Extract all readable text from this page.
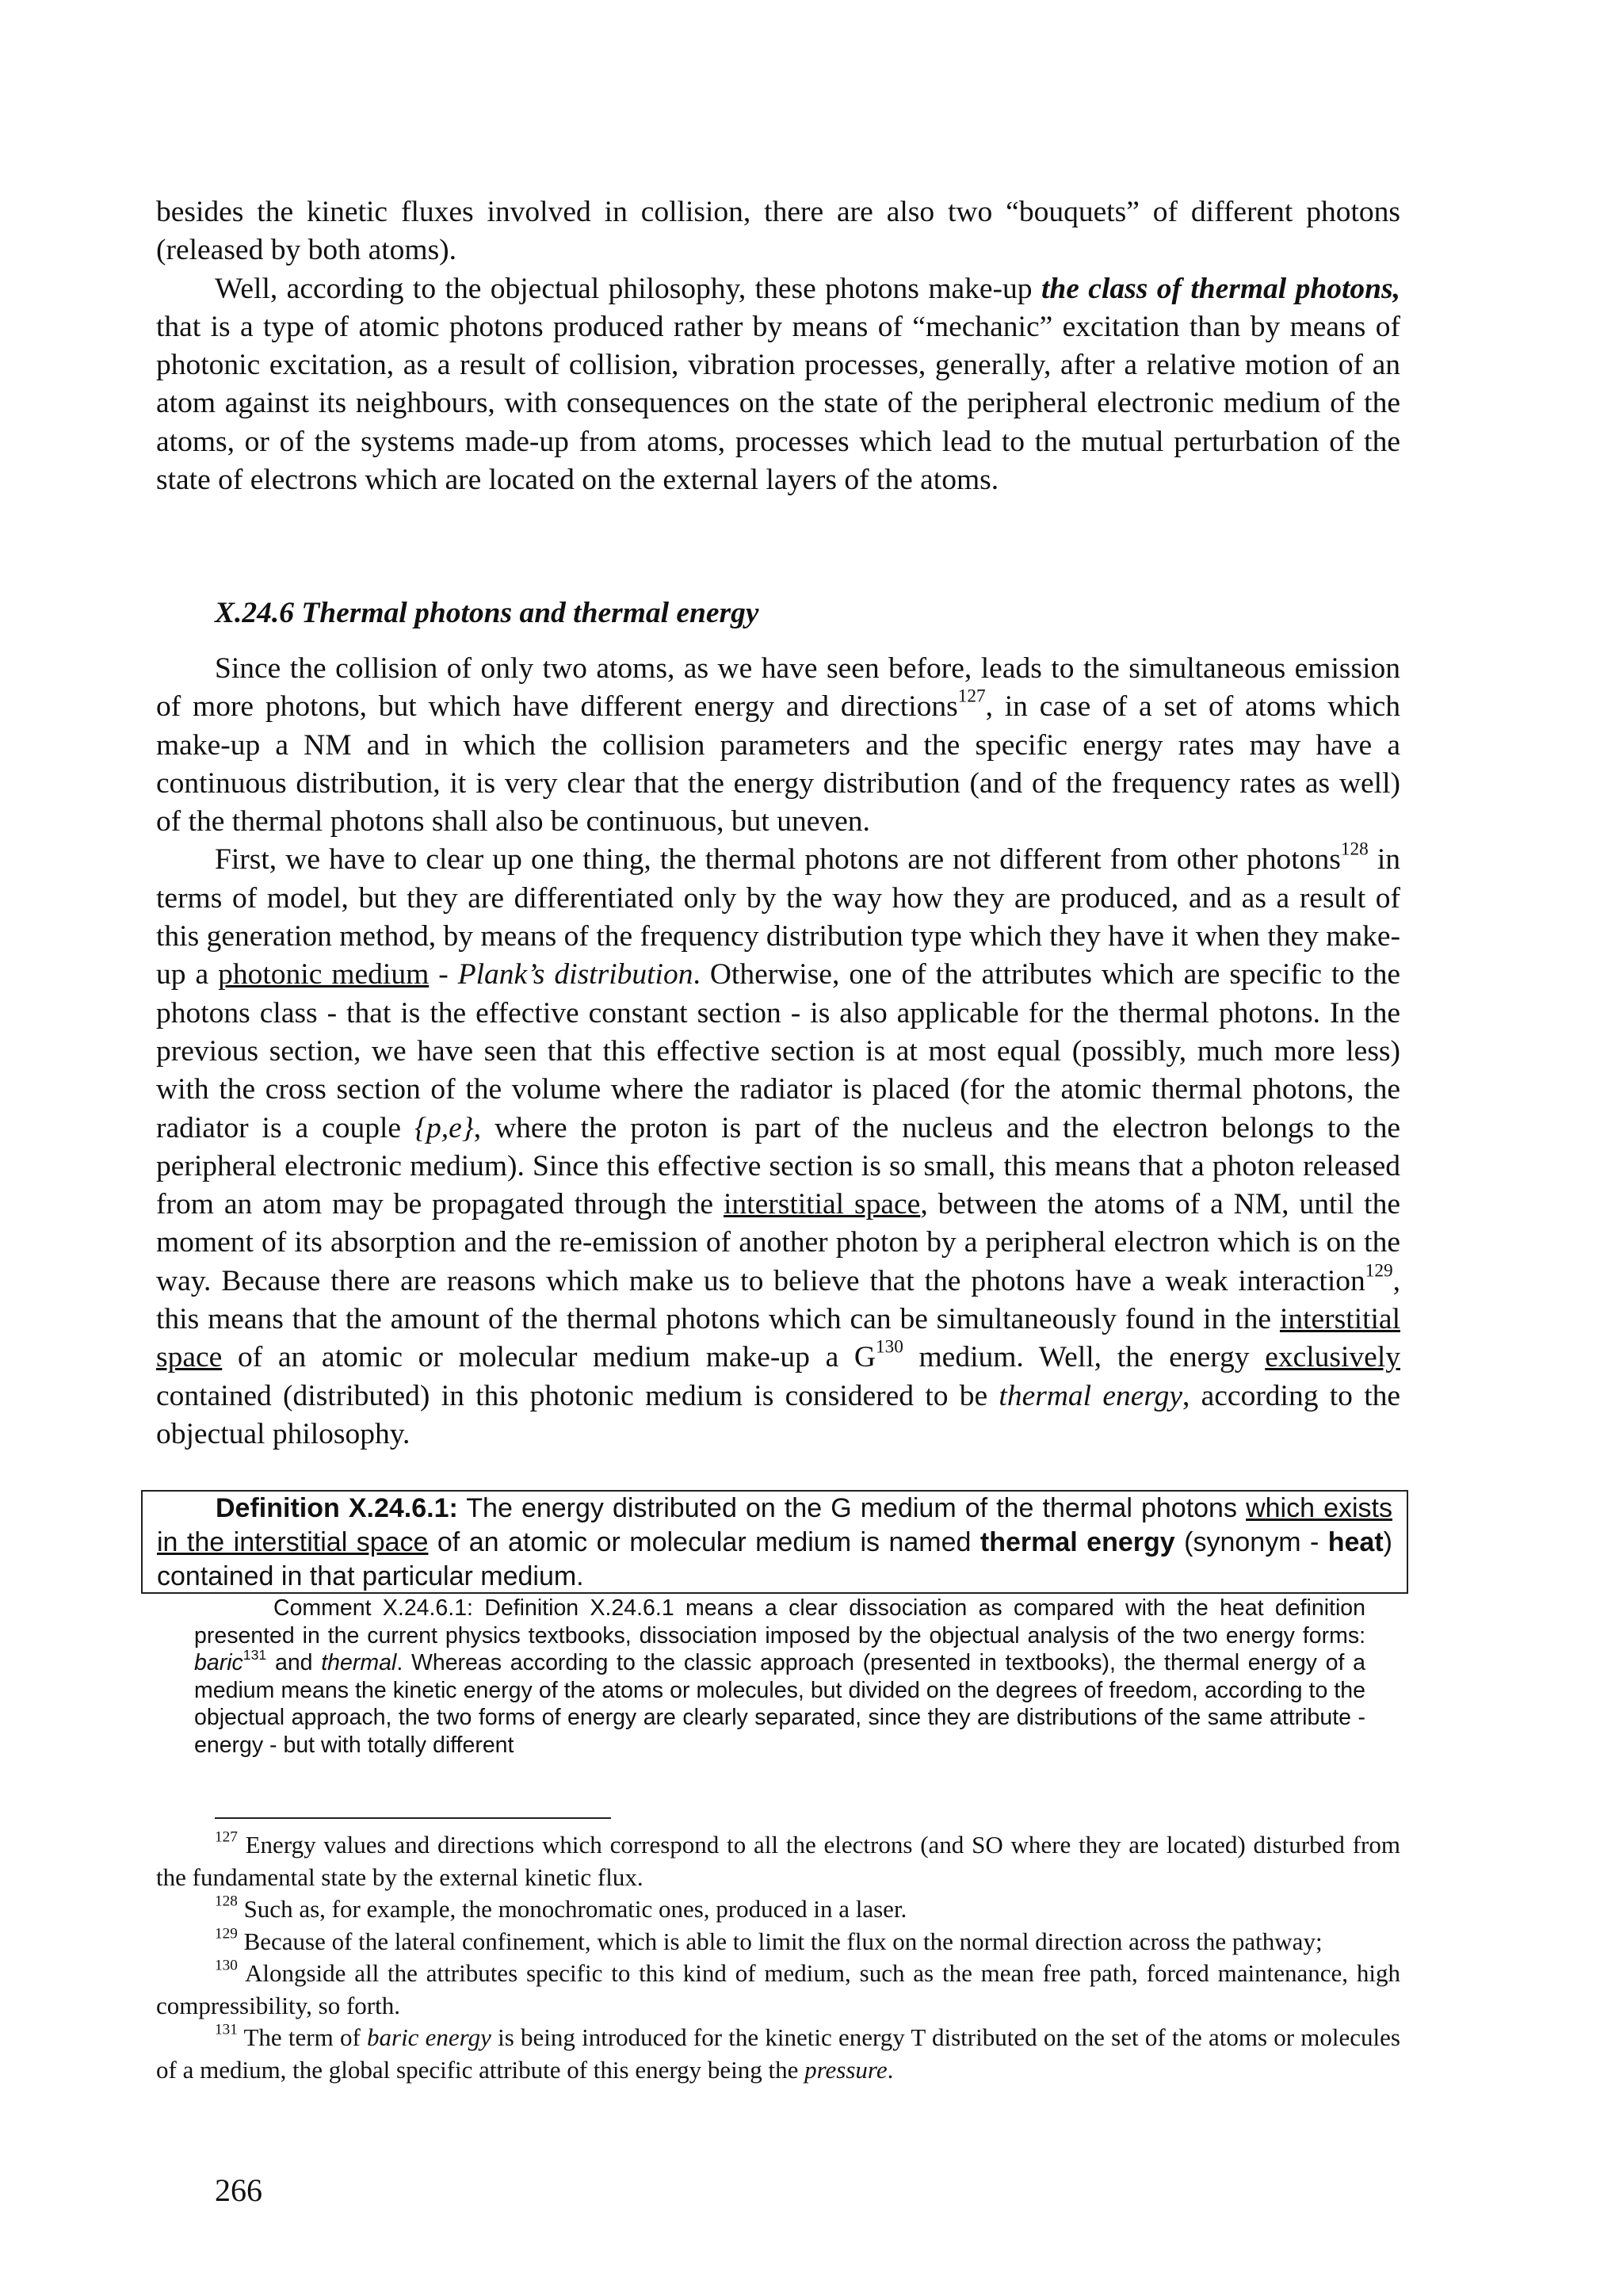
besides the kinetic fluxes involved in collision, there are also two “bouquets” of different photons (released by both atoms).

Well, according to the objectual philosophy, these photons make-up the class of thermal photons, that is a type of atomic photons produced rather by means of “mechanic” excitation than by means of photonic excitation, as a result of collision, vibration processes, generally, after a relative motion of an atom against its neighbours, with consequences on the state of the peripheral electronic medium of the atoms, or of the systems made-up from atoms, processes which lead to the mutual perturbation of the state of electrons which are located on the external layers of the atoms.

X.24.6 Thermal photons and thermal energy

Since the collision of only two atoms, as we have seen before, leads to the simultaneous emission of more photons, but which have different energy and directions$^{127}$, in case of a set of atoms which make-up a NM and in which the collision parameters and the specific energy rates may have a continuous distribution, it is very clear that the energy distribution (and of the frequency rates as well) of the thermal photons shall also be continuous, but uneven.

First, we have to clear up one thing, the thermal photons are not different from other photons$^{128}$ in terms of model, but they are differentiated only by the way how they are produced, and as a result of this generation method, by means of the frequency distribution type which they have it when they make-up a photonic medium - Plank’s distribution. Otherwise, one of the attributes which are specific to the photons class - that is the effective constant section - is also applicable for the thermal photons. In the previous section, we have seen that this effective section is at most equal (possibly, much more less) with the cross section of the volume where the radiator is placed (for the atomic thermal photons, the radiator is a couple {p,e}, where the proton is part of the nucleus and the electron belongs to the peripheral electronic medium). Since this effective section is so small, this means that a photon released from an atom may be propagated through the interstitial space, between the atoms of a NM, until the moment of its absorption and the re-emission of another photon by a peripheral electron which is on the way. Because there are reasons which make us to believe that the photons have a weak interaction$^{129}$, this means that the amount of the thermal photons which can be simultaneously found in the interstitial space of an atomic or molecular medium make-up a $G^{130}$ medium. Well, the energy exclusively contained (distributed) in this photonic medium is considered to be thermal energy, according to the objectual philosophy.

Definition X.24.6.1: The energy distributed on the G medium of the thermal photons which exists in the interstitial space of an atomic or molecular medium is named thermal energy (synonym - heat) contained in that particular medium.

Comment X.24.6.1: Definition X.24.6.1 means a clear dissociation as compared with the heat definition presented in the current physics textbooks, dissociation imposed by the objectual analysis of the two energy forms: baric$^{131}$ and thermal. Whereas according to the classic approach (presented in textbooks), the thermal energy of a medium means the kinetic energy of the atoms or molecules, but divided on the degrees of freedom, according to the objectual approach, the two forms of energy are clearly separated, since they are distributions of the same attribute - energy - but with totally different

$^{127}$ Energy values and directions which correspond to all the electrons (and SO where they are located) disturbed from the fundamental state by the external kinetic flux.

$^{128}$ Such as, for example, the monochromatic ones, produced in a laser.

$^{129}$ Because of the lateral confinement, which is able to limit the flux on the normal direction across the pathway;

$^{130}$ Alongside all the attributes specific to this kind of medium, such as the mean free path, forced maintenance, high compressibility, so forth.

$^{131}$ The term of baric energy is being introduced for the kinetic energy T distributed on the set of the atoms or molecules of a medium, the global specific attribute of this energy being the pressure.

266
